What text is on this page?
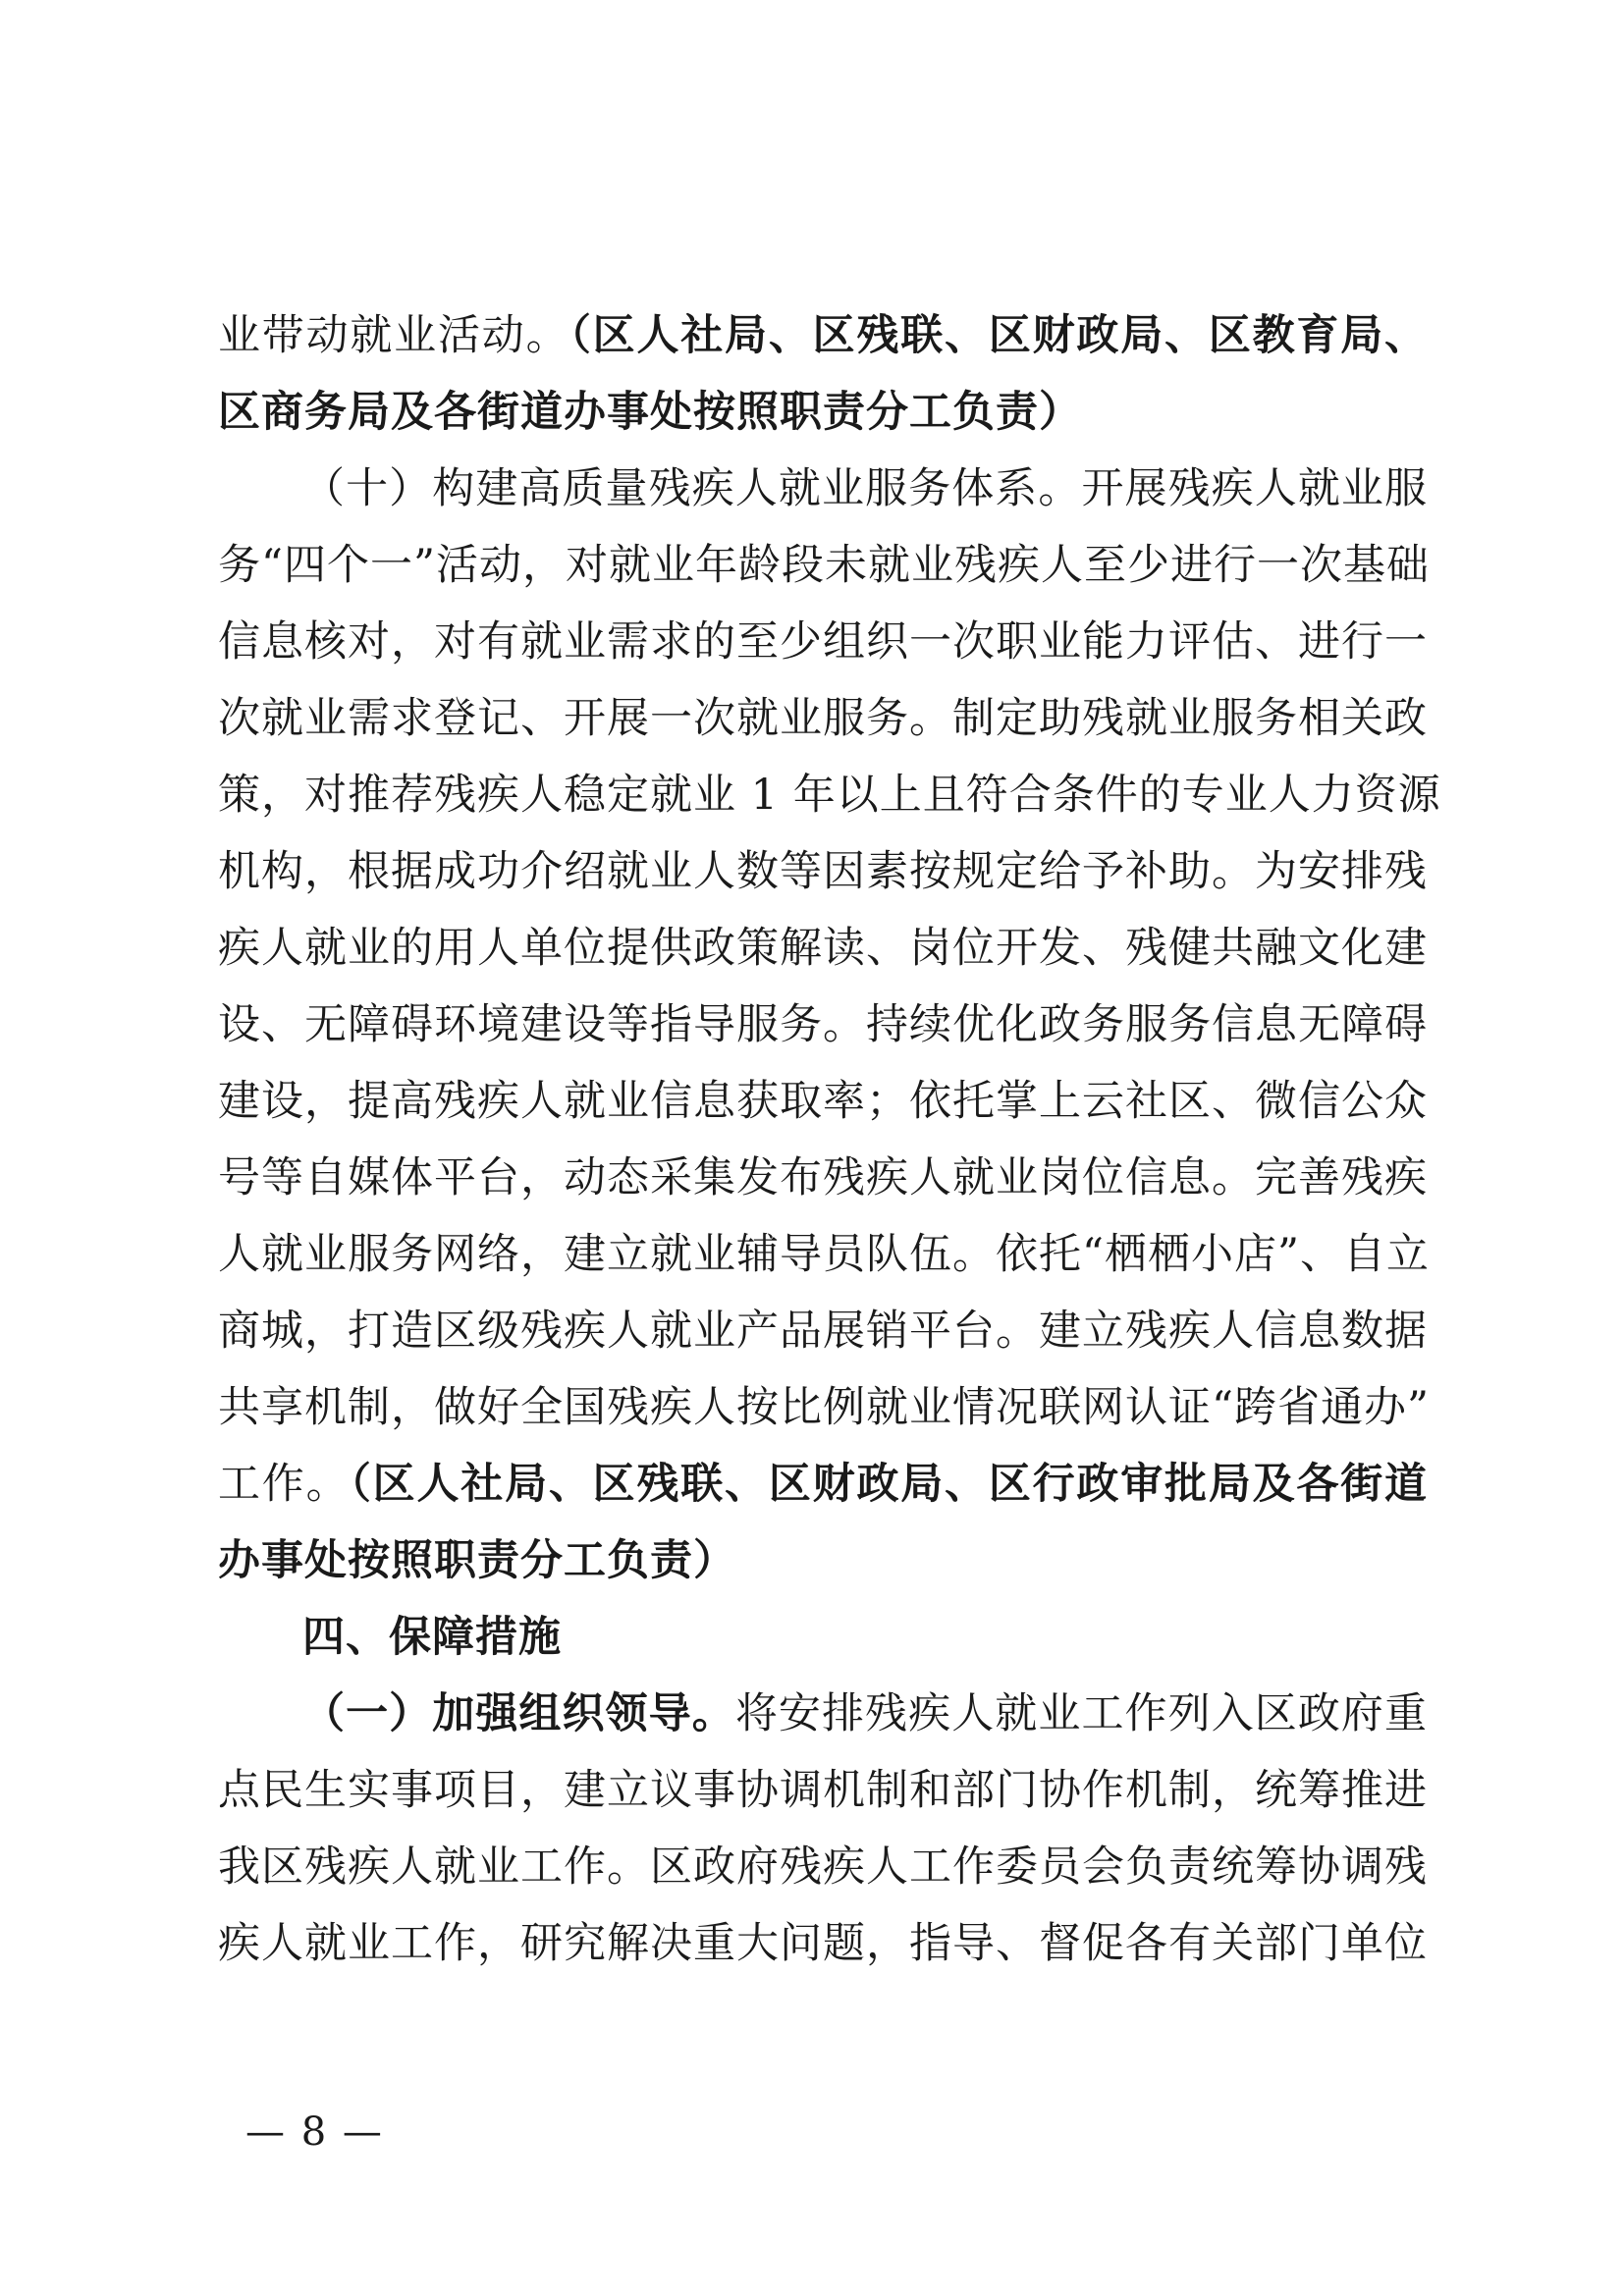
业带动就业活动。（区人社局、区残联、区财政局、区教育局、
区商务局及各街道办事处按照职责分工负责）
（十）构建高质量残疾人就业服务体系。开展残疾人就业服
务“四个一”活动，对就业年龄段未就业残疾人至少进行一次基础
信息核对，对有就业需求的至少组织一次职业能力评估、进行一
次就业需求登记、开展一次就业服务。制定助残就业服务相关政
策，对推荐残疾人稳定就业 1 年以上且符合条件的专业人力资源
机构，根据成功介绍就业人数等因素按规定给予补助。为安排残
疾人就业的用人单位提供政策解读、岗位开发、残健共融文化建
设、无障碍环境建设等指导服务。持续优化政务服务信息无障碍
建设，提高残疾人就业信息获取率；依托掌上云社区、微信公众
号等自媒体平台，动态采集发布残疾人就业岗位信息。完善残疾
人就业服务网络，建立就业辅导员队伍。依托“栖栖小店”、自立
商城，打造区级残疾人就业产品展销平台。建立残疾人信息数据
共享机制，做好全国残疾人按比例就业情况联网认证“跨省通办”
工作。（区人社局、区残联、区财政局、区行政审批局及各街道
办事处按照职责分工负责）
四、保障措施
（一）加强组织领导。将安排残疾人就业工作列入区政府重
点民生实事项目，建立议事协调机制和部门协作机制，统筹推进
我区残疾人就业工作。区政府残疾人工作委员会负责统筹协调残
疾人就业工作，研究解决重大问题，指导、督促各有关部门单位
— 8 —
